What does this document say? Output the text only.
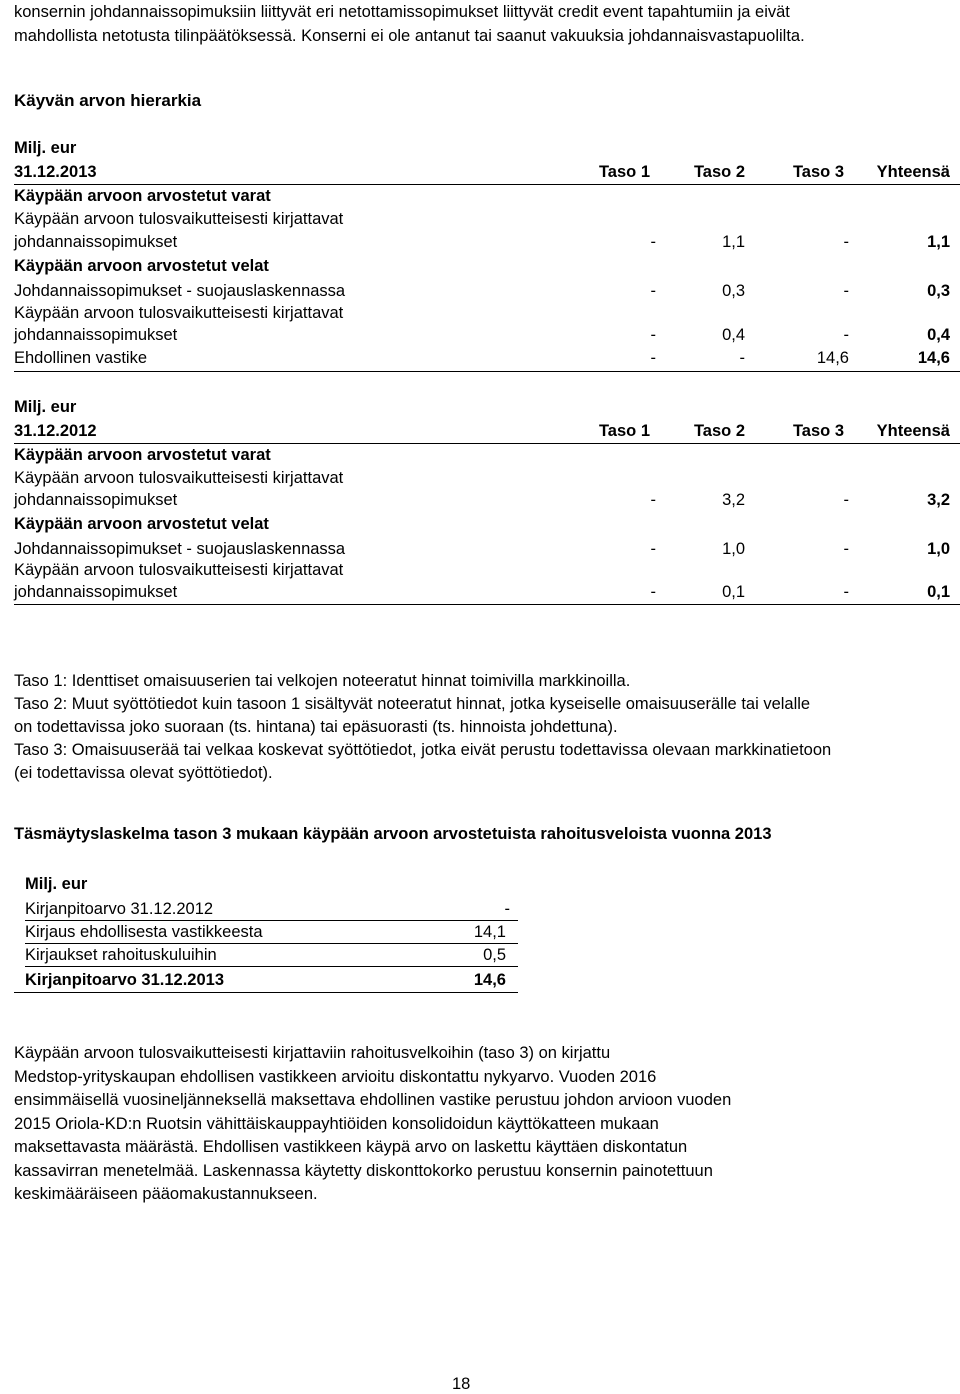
konsernin johdannaissopimuksiin liittyvät eri netottamissopimukset liittyvät credit event tapahtumiin ja eivät
mahdollista netotusta tilinpäätöksessä. Konserni ei ole antanut tai saanut vakuuksia johdannaisvastapuolilta.
Käyvän arvon hierarkia
Milj. eur
31.12.2013	Taso 1	Taso 2	Taso 3	Yhteensä
Käypään arvoon arvostetut varat
Käypään arvoon tulosvaikutteisesti kirjattavat
johdannaissopimukset	-	1,1	-	1,1
Käypään arvoon arvostetut velat
Johdannaissopimukset - suojauslaskennassa	-	0,3	-	0,3
Käypään arvoon tulosvaikutteisesti kirjattavat
johdannaissopimukset	-	0,4	-	0,4
Ehdollinen vastike	-	-	14,6	14,6
Milj. eur
31.12.2012	Taso 1	Taso 2	Taso 3	Yhteensä
Käypään arvoon arvostetut varat
Käypään arvoon tulosvaikutteisesti kirjattavat
johdannaissopimukset	-	3,2	-	3,2
Käypään arvoon arvostetut velat
Johdannaissopimukset - suojauslaskennassa	-	1,0	-	1,0
Käypään arvoon tulosvaikutteisesti kirjattavat
johdannaissopimukset	-	0,1	-	0,1
Taso 1: Identtiset omaisuuserien tai velkojen noteeratut hinnat toimivilla markkinoilla.
Taso 2: Muut syöttötiedot kuin tasoon 1 sisältyvät noteeratut hinnat, jotka kyseiselle omaisuuserälle tai velalle
on todettavissa joko suoraan (ts. hintana) tai epäsuorasti (ts. hinnoista johdettuna).
Taso 3: Omaisuuserää tai velkaa koskevat syöttötiedot, jotka eivät perustu todettavissa olevaan markkinatietoon
(ei todettavissa olevat syöttötiedot).
Täsmäytyslaskelma tason 3 mukaan käypään arvoon arvostetuista rahoitusveloista vuonna 2013
Milj. eur
Kirjanpitoarvo 31.12.2012	-
Kirjaus ehdollisesta vastikkeesta	14,1
Kirjaukset rahoituskuluihin	0,5
Kirjanpitoarvo 31.12.2013	14,6
Käypään arvoon tulosvaikutteisesti kirjattaviin rahoitusvelkoihin (taso 3) on kirjattu
Medstop-yrityskaupan ehdollisen vastikkeen arvioitu diskontattu nykyarvo. Vuoden 2016
ensimmäisellä vuosineljänneksellä maksettava ehdollinen vastike perustuu johdon arvioon vuoden
2015 Oriola-KD:n Ruotsin vähittäiskauppayhtiöiden konsolidoidun käyttökatteen mukaan
maksettavasta määrästä. Ehdollisen vastikkeen käypä arvo on laskettu käyttäen diskontatun
kassavirran menetelmää. Laskennassa käytetty diskonttokorko perustuu konsernin painotettuun
keskimääräiseen pääomakustannukseen.
18
